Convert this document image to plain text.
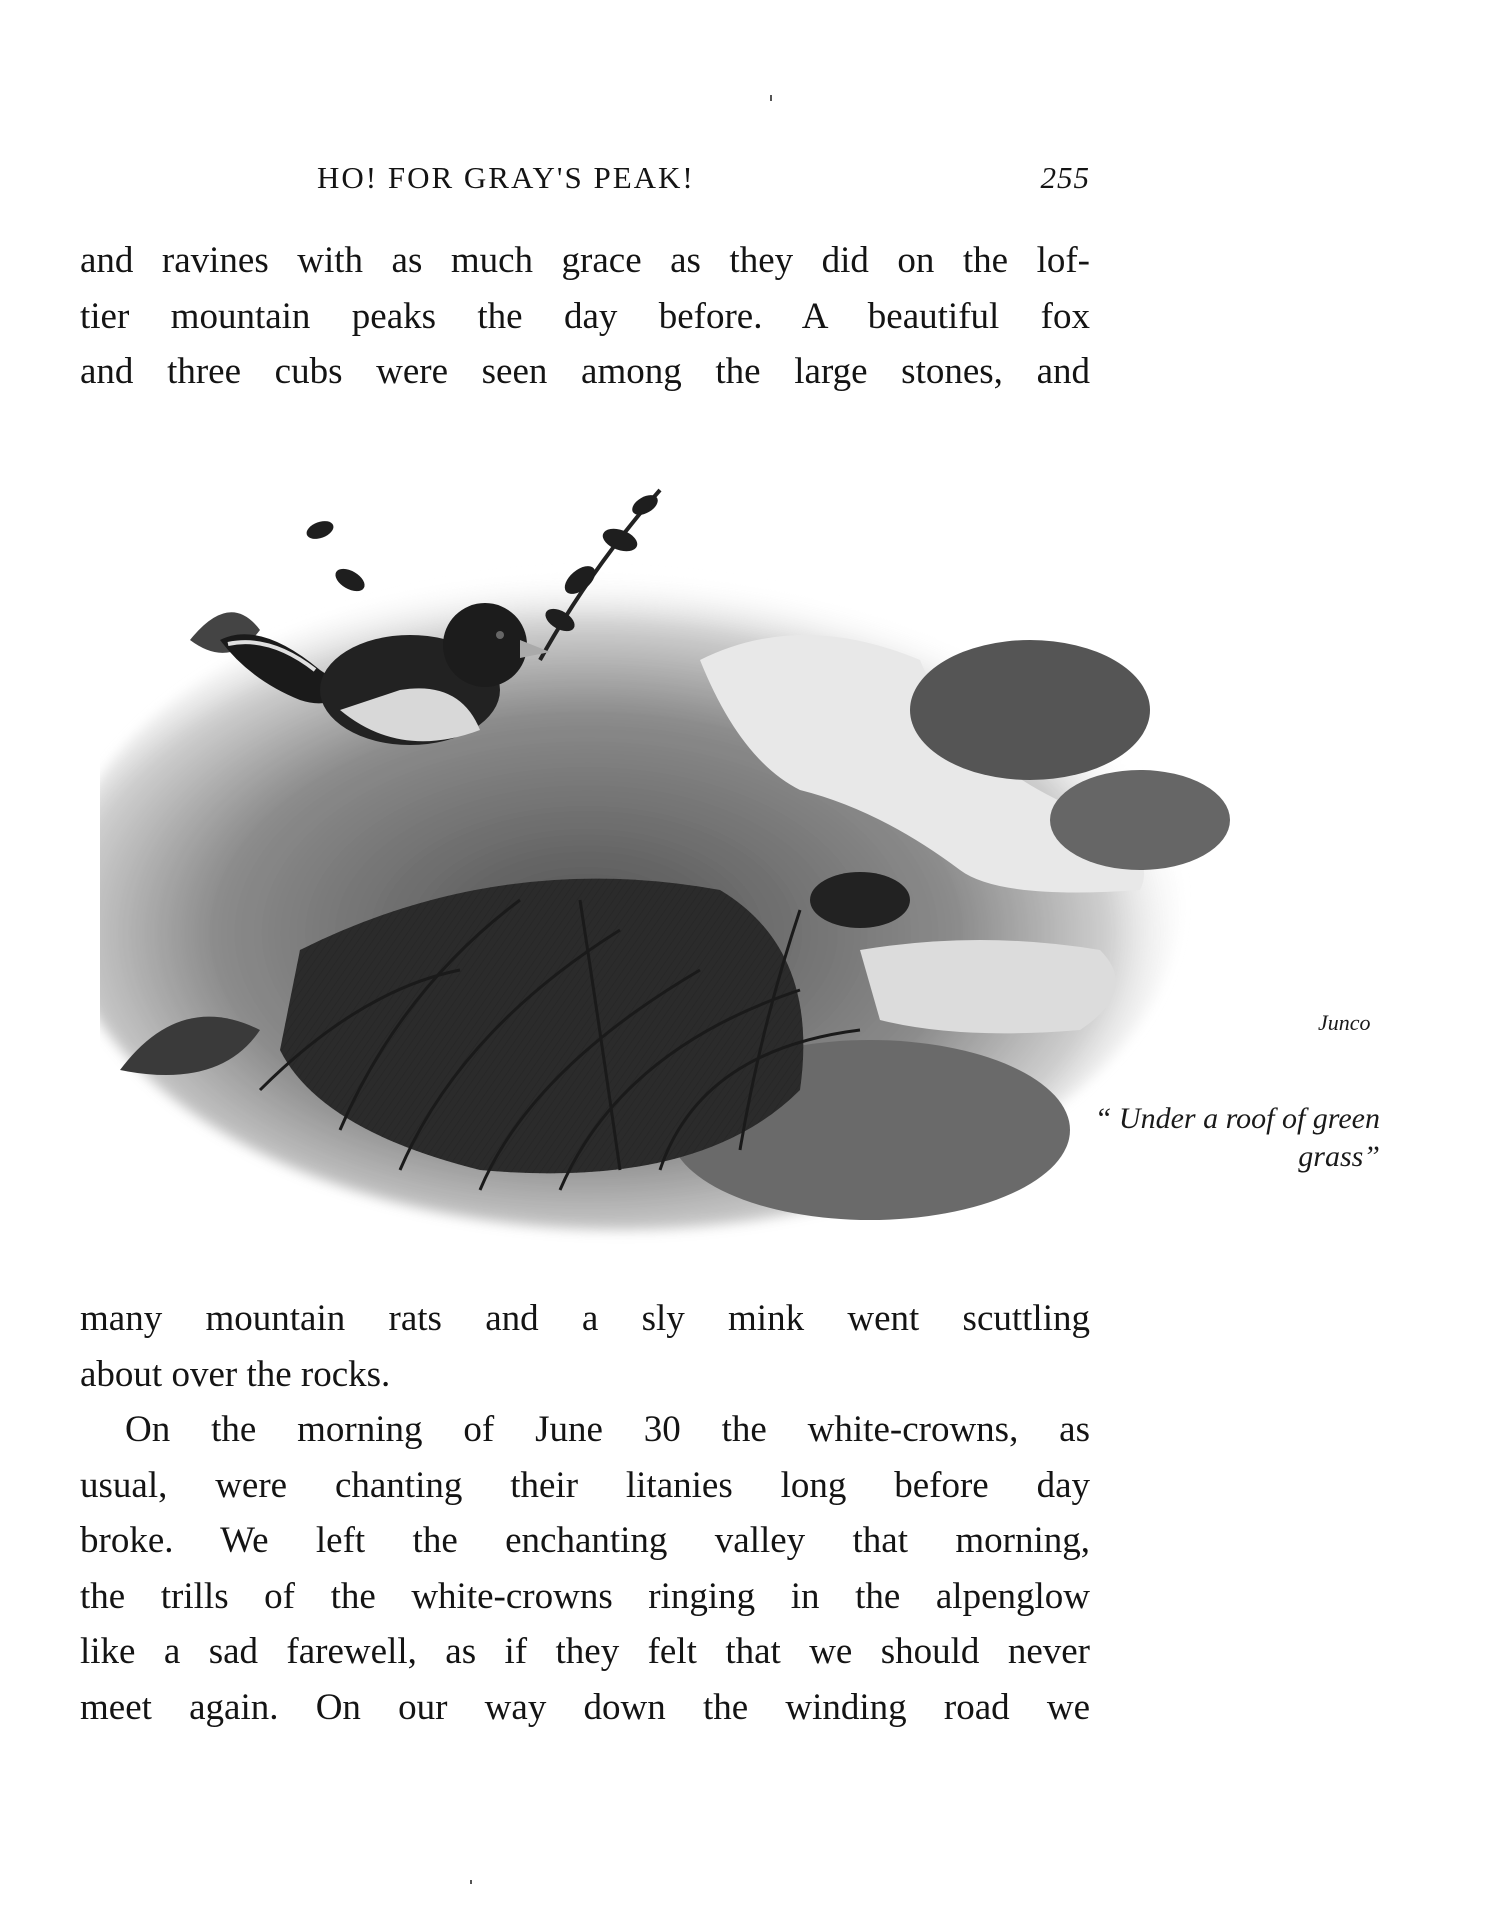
HO! FOR GRAY'S PEAK!	255
and ravines with as much grace as they did on the lof-
tier mountain peaks the day before. A beautiful fox
and three cubs were seen among the large stones, and
Junco
“ Under a roof of green grass”
many mountain rats and a sly mink went scuttling
about over the rocks.
On the morning of June 30 the white-crowns, as
usual, were chanting their litanies long before day
broke. We left the enchanting valley that morning,
the trills of the white-crowns ringing in the alpenglow
like a sad farewell, as if they felt that we should never
meet again. On our way down the winding road we
